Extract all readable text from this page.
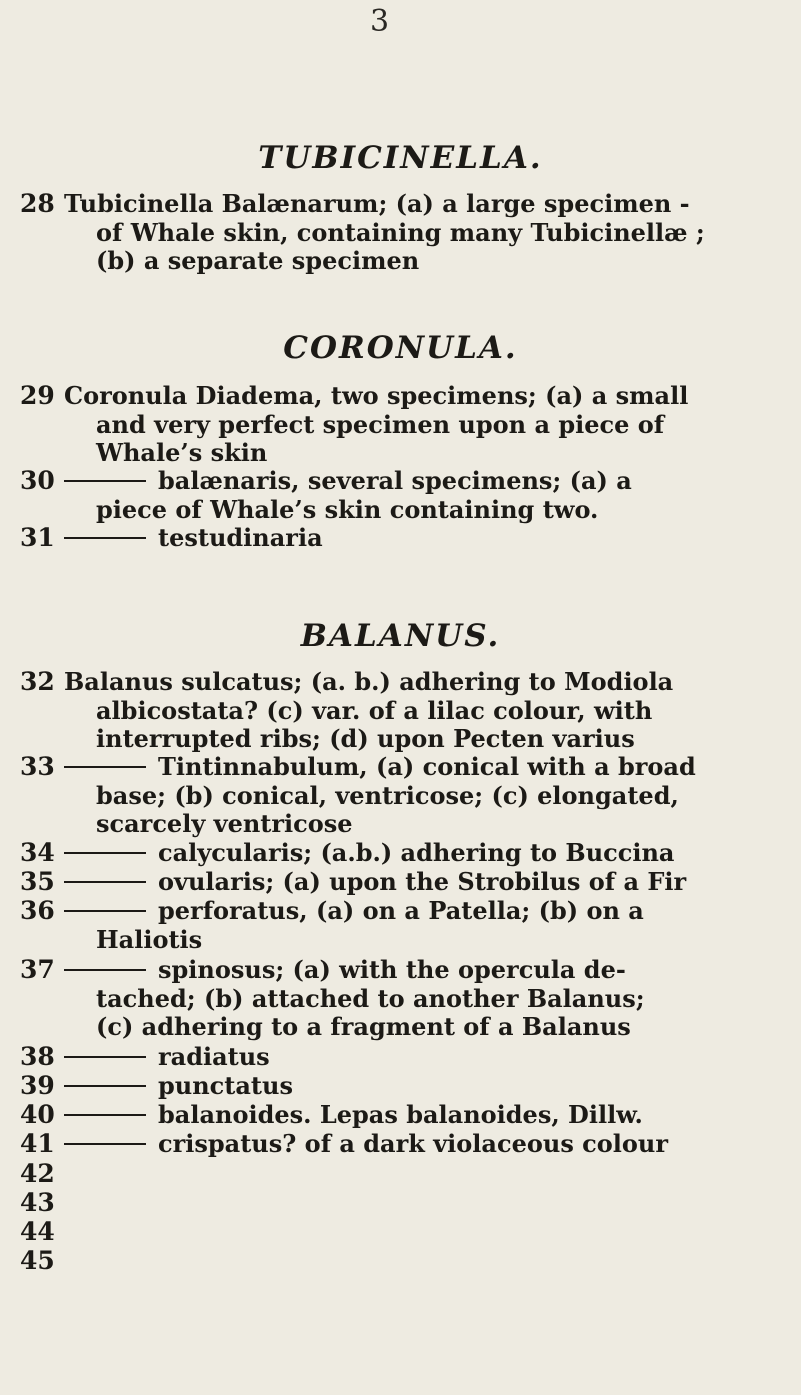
3
TUBICINELLA.
28 Tubicinella Balænarum; (a) a large specimen -
of Whale skin, containing many Tubicinellæ ;
(b) a separate specimen
CORONULA.
29 Coronula Diadema, two specimens; (a) a small
and very perfect specimen upon a piece of
Whale’s skin
30	balænaris, several specimens; (a) a
piece of Whale’s skin containing two.
31	testudinaria
BALANUS.
32 Balanus sulcatus; (a. b.) adhering to Modiola
albicostata? (c) var. of a lilac colour, with
interrupted ribs; (d) upon Pecten varius
33	Tintinnabulum, (a) conical with a broad
base; (b) conical, ventricose; (c) elongated,
scarcely ventricose
34	calycularis; (a.b.) adhering to Buccina
35	ovularis; (a) upon the Strobilus of a Fir
36	perforatus, (a) on a Patella; (b) on a
Haliotis
37	spinosus; (a) with the opercula de-
tached; (b) attached to another Balanus;
(c) adhering to a fragment of a Balanus
38	radiatus
39	punctatus
40	balanoides. Lepas balanoides, Dillw.
41	crispatus? of a dark violaceous colour
42
43
44
45
